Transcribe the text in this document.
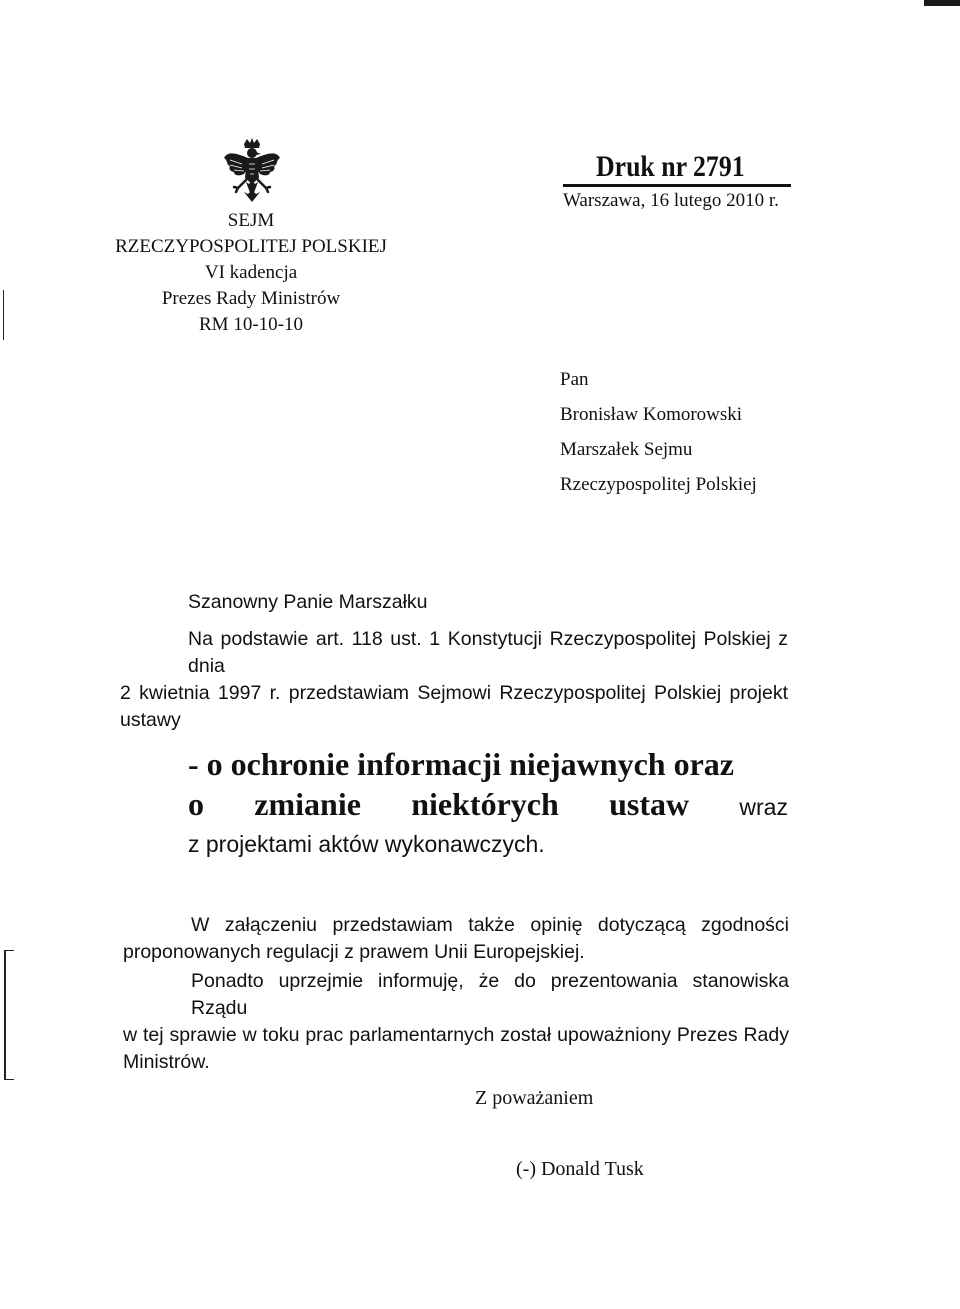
SEJM
RZECZYPOSPOLITEJ POLSKIEJ
VI kadencja
Prezes Rady Ministrów
RM 10-10-10
Druk nr 2791
Warszawa, 16 lutego 2010 r.
Pan
Bronisław Komorowski
Marszałek Sejmu
Rzeczypospolitej Polskiej
Szanowny Panie Marszałku
Na podstawie art. 118 ust. 1 Konstytucji Rzeczypospolitej Polskiej z dnia
2 kwietnia 1997 r. przedstawiam Sejmowi Rzeczypospolitej Polskiej projekt
ustawy
- o ochronie informacji niejawnych oraz
o zmianie niektórych ustaw wraz
z projektami aktów wykonawczych.
W załączeniu przedstawiam także opinię dotyczącą zgodności
proponowanych regulacji z prawem Unii Europejskiej.
Ponadto uprzejmie informuję, że do prezentowania stanowiska Rządu
w tej sprawie w toku prac parlamentarnych został upoważniony Prezes Rady
Ministrów.
Z poważaniem
(-) Donald Tusk
